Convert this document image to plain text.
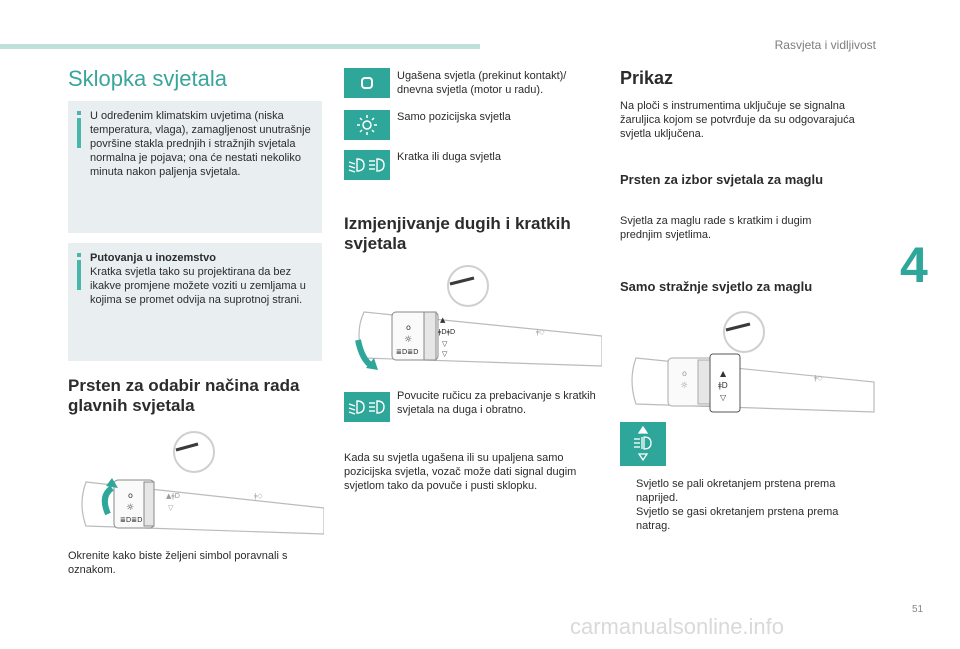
Rasvjeta i vidljivost
4
51
carmanualsonline.info
Sklopka svjetala

U određenim klimatskim uvjetima (niska temperatura, vlaga), zamagljenost unutrašnje površine stakla prednjih i stražnjih svjetala normalna je pojava; ona će nestati nekoliko minuta nakon paljenja svjetala.

Putovanja u inozemstvo

Kratka svjetla tako su projektirana da bez ikakve promjene možete voziti u zemljama u kojima se promet odvija na suprotnoj strani.

Prsten za odabir načina rada glavnih svjetala
o
☼
≣D≣D
▲ǂD
▽
ǂ◇

Okrenite kako biste željeni simbol poravnali s oznakom.

Ugašena svjetla (prekinut kontakt)/ dnevna svjetla (motor u radu).

Samo pozicijska svjetla

Kratka ili duga svjetla

Izmjenjivanje dugih i kratkih svjetala
o
☼
≣D≣D
▲
ǂDǂD
▽
▽
ǂ◇

Povucite ručicu za prebacivanje s kratkih svjetala na duga i obratno.

Kada su svjetla ugašena ili su upaljena samo pozicijska svjetla, vozač može dati signal dugim svjetlom tako da povuče i pusti sklopku.

Prikaz

Na ploči s instrumentima uključuje se signalna žaruljica kojom se potvrđuje da su odgovarajuća svjetla uključena.

Prsten za izbor svjetala za maglu

Svjetla za maglu rade s kratkim i dugim prednjim svjetlima.

Samo stražnje svjetlo za maglu
o
☼
▲
ǂD
▽
ǂ◇
Svjetlo se pali okretanjem prstena prema naprijed.
Svjetlo se gasi okretanjem prstena prema natrag.
